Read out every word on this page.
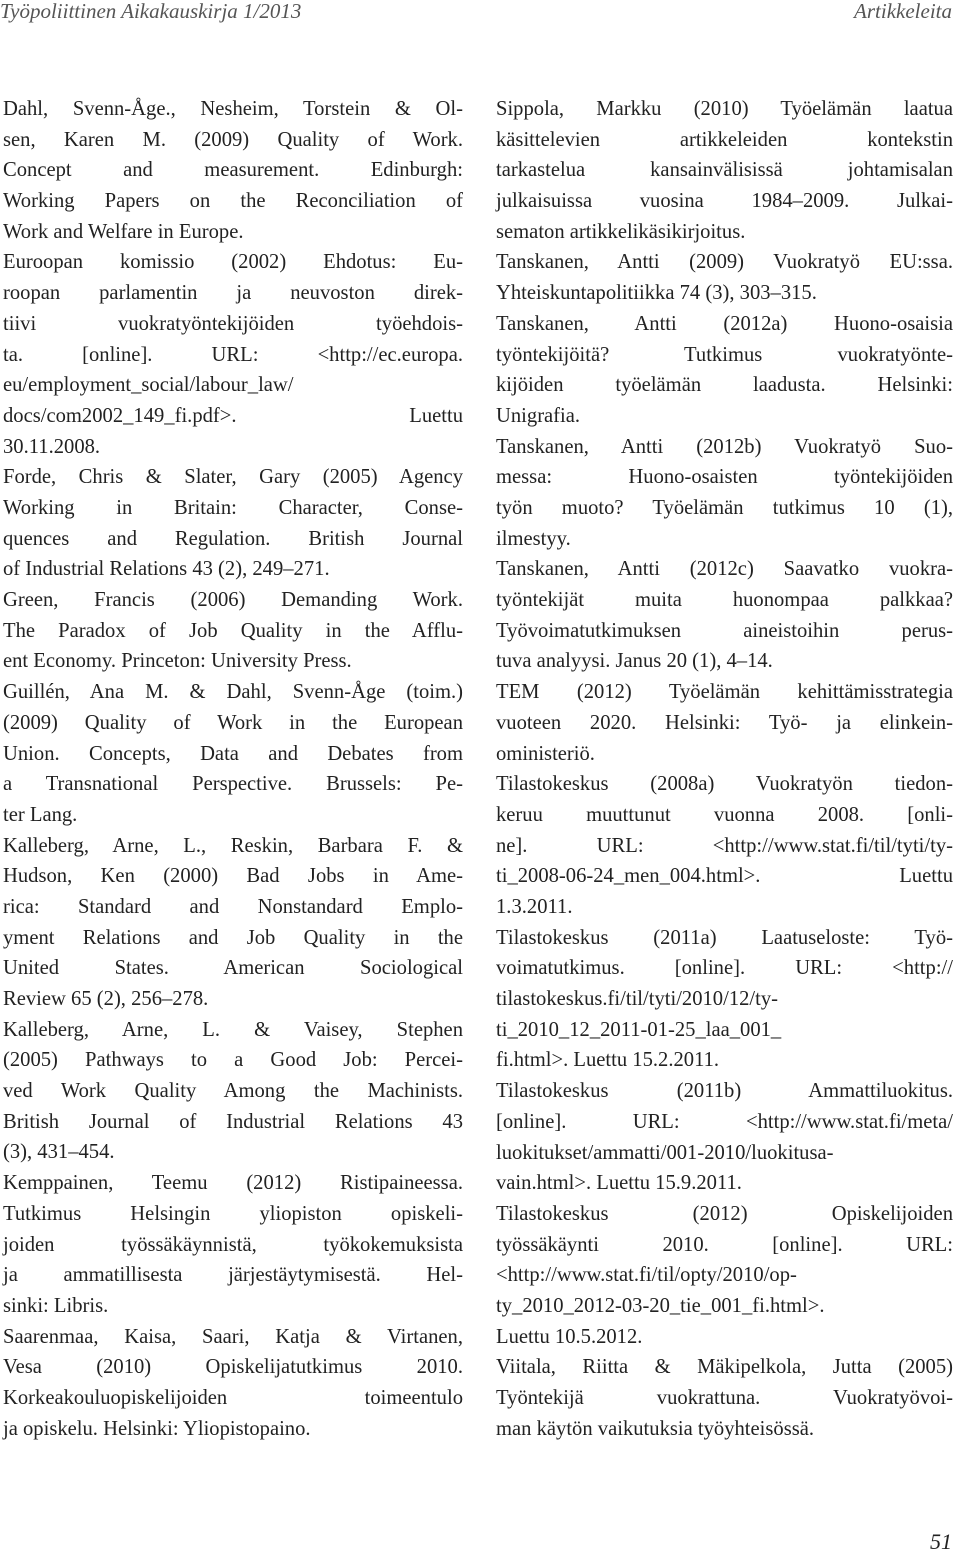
Työpoliittinen Aikakauskirja 1/2013	Artikkeleita

Dahl, Svenn-Åge., Nesheim, Torstein & Ol-
sen, Karen M. (2009) Quality of Work.
Concept and measurement. Edinburgh:
Working Papers on the Reconciliation of
Work and Welfare in Europe.

Euroopan komissio (2002) Ehdotus: Eu-
roopan parlamentin ja neuvoston direk-
tiivi vuokratyöntekijöiden työehdois-
ta. [online]. URL: <http://ec.europa.
eu/employment_social/labour_law/
docs/com2002_149_fi.pdf>. Luettu
30.11.2008.

Forde, Chris & Slater, Gary (2005) Agency
Working in Britain: Character, Conse-
quences and Regulation. British Journal
of Industrial Relations 43 (2), 249–271.

Green, Francis (2006) Demanding Work.
The Paradox of Job Quality in the Afflu-
ent Economy. Princeton: University Press.

Guillén, Ana M. & Dahl, Svenn-Åge (toim.)
(2009) Quality of Work in the European
Union. Concepts, Data and Debates from
a Transnational Perspective. Brussels: Pe-
ter Lang.

Kalleberg, Arne, L., Reskin, Barbara F. &
Hudson, Ken (2000) Bad Jobs in Ame-
rica: Standard and Nonstandard Emplo-
yment Relations and Job Quality in the
United States. American Sociological
Review 65 (2), 256–278.

Kalleberg, Arne, L. & Vaisey, Stephen
(2005) Pathways to a Good Job: Percei-
ved Work Quality Among the Machinists.
British Journal of Industrial Relations 43
(3), 431–454.

Kemppainen, Teemu (2012) Ristipaineessa.
Tutkimus Helsingin yliopiston opiskeli-
joiden työssäkäynnistä, työkokemuksista
ja ammatillisesta järjestäytymisestä. Hel-
sinki: Libris.

Saarenmaa, Kaisa, Saari, Katja & Virtanen,
Vesa (2010) Opiskelijatutkimus 2010.
Korkeakouluopiskelijoiden toimeentulo
ja opiskelu. Helsinki: Yliopistopaino.

Sippola, Markku (2010) Työelämän laatua
käsittelevien artikkeleiden kontekstin
tarkastelua kansainvälisissä johtamisalan
julkaisuissa vuosina 1984–2009. Julkai-
sematon artikkelikäsikirjoitus.

Tanskanen, Antti (2009) Vuokratyö EU:ssa.
Yhteiskuntapolitiikka 74 (3), 303–315.

Tanskanen, Antti (2012a) Huono-osaisia
työntekijöitä? Tutkimus vuokratyönte-
kijöiden työelämän laadusta. Helsinki:
Unigrafia.

Tanskanen, Antti (2012b) Vuokratyö Suo-
messa: Huono-osaisten työntekijöiden
työn muoto? Työelämän tutkimus 10 (1),
ilmestyy.

Tanskanen, Antti (2012c) Saavatko vuokra-
työntekijät muita huonompaa palkkaa?
Työvoimatutkimuksen aineistoihin perus-
tuva analyysi. Janus 20 (1), 4–14.

TEM (2012) Työelämän kehittämisstrategia
vuoteen 2020. Helsinki: Työ- ja elinkein-
oministeriö.

Tilastokeskus (2008a) Vuokratyön tiedon-
keruu muuttunut vuonna 2008. [onli-
ne]. URL: <http://www.stat.fi/til/tyti/ty-
ti_2008-06-24_men_004.html>. Luettu
1.3.2011.

Tilastokeskus (2011a) Laatuseloste: Työ-
voimatutkimus. [online]. URL: <http://
tilastokeskus.fi/til/tyti/2010/12/ty-
ti_2010_12_2011-01-25_laa_001_
fi.html>. Luettu 15.2.2011.

Tilastokeskus (2011b) Ammattiluokitus.
[online]. URL: <http://www.stat.fi/meta/
luokitukset/ammatti/001-2010/luokitusa-
vain.html>. Luettu 15.9.2011.

Tilastokeskus (2012) Opiskelijoiden
työssäkäynti 2010. [online]. URL:
<http://www.stat.fi/til/opty/2010/op-
ty_2010_2012-03-20_tie_001_fi.html>.
Luettu 10.5.2012.

Viitala, Riitta & Mäkipelkola, Jutta (2005)
Työntekijä vuokrattuna. Vuokratyövoi-
man käytön vaikutuksia työyhteisössä.

51
